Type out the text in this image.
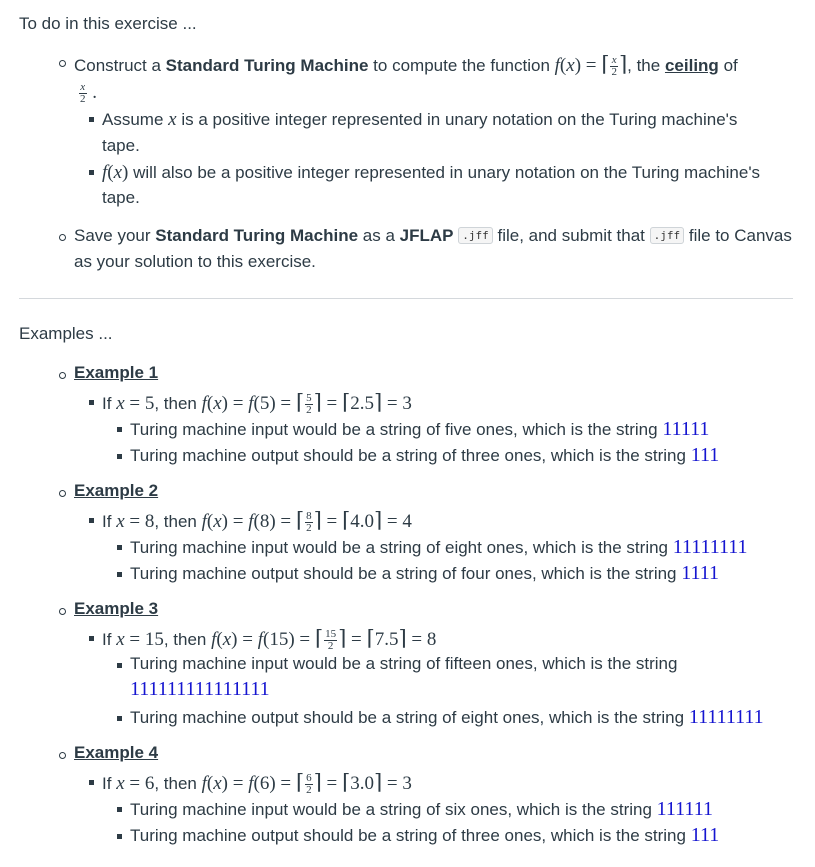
To do in this exercise ...
Construct a Standard Turing Machine to compute the function f(x) = ⌈ $\frac{x}{2}$ ⌉, the ceiling of
$\frac{x}{2}$ .
Assume x is a positive integer represented in unary notation on the Turing machine's
tape.
f(x) will also be a positive integer represented in unary notation on the Turing machine's
tape.
Save your Standard Turing Machine as a JFLAP .jff file, and submit that .jff file to Canvas
as your solution to this exercise.
Examples ...
Example 1
If x = 5, then f(x) = f(5) = ⌈ $\frac{5}{2}$ ⌉ = ⌈2.5⌉ = 3
Turing machine input would be a string of five ones, which is the string 11111
Turing machine output should be a string of three ones, which is the string 111
Example 2
If x = 8, then f(x) = f(8) = ⌈ $\frac{8}{2}$ ⌉ = ⌈4.0⌉ = 4
Turing machine input would be a string of eight ones, which is the string 11111111
Turing machine output should be a string of four ones, which is the string 1111
Example 3
If x = 15, then f(x) = f(15) = ⌈ $\frac{15}{2}$ ⌉ = ⌈7.5⌉ = 8
Turing machine input would be a string of fifteen ones, which is the string
111111111111111
Turing machine output should be a string of eight ones, which is the string 11111111
Example 4
If x = 6, then f(x) = f(6) = ⌈ $\frac{6}{2}$ ⌉ = ⌈3.0⌉ = 3
Turing machine input would be a string of six ones, which is the string 111111
Turing machine output should be a string of three ones, which is the string 111
